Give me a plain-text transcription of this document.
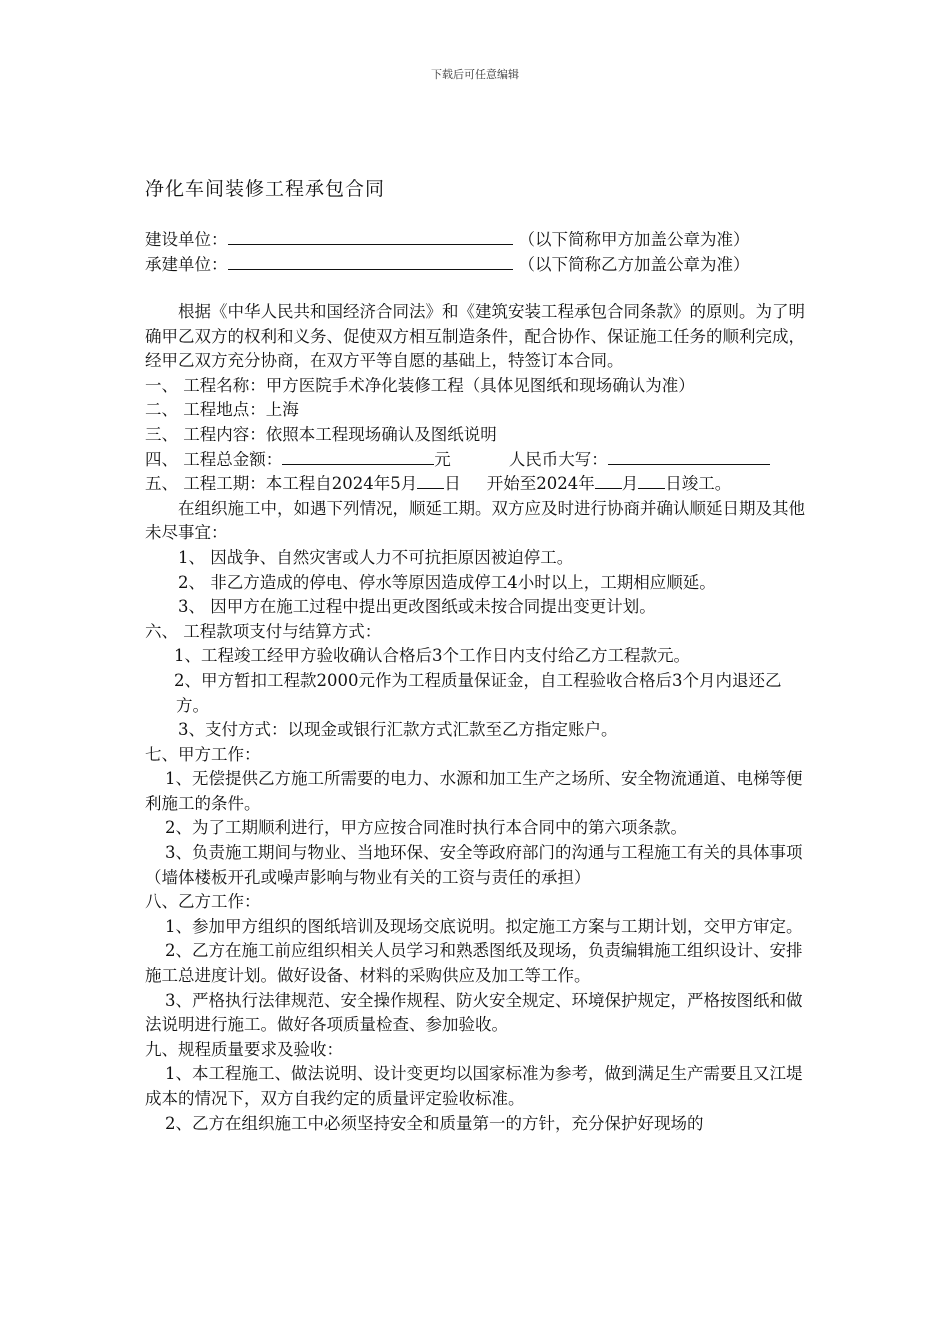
下载后可任意编辑
净化车间装修工程承包合同
建设单位：	（以下简称甲方加盖公章为准）
承建单位：	（以下简称乙方加盖公章为准）

根据《中华人民共和国经济合同法》和《建筑安装工程承包合同条款》的原则。为了明确甲乙双方的权利和义务、促使双方相互制造条件，配合协作、保证施工任务的顺利完成，经甲乙双方充分协商，在双方平等自愿的基础上，特签订本合同。

一、 工程名称：甲方医院手术净化装修工程（具体见图纸和现场确认为准）

二、 工程地点：上海

三、 工程内容：依照本工程现场确认及图纸说明

四、 工程总金额：	元	人民币大写：

五、 工程工期：本工程自2024年5月 日 开始至2024年 月 日竣工。

在组织施工中，如遇下列情况，顺延工期。双方应及时进行协商并确认顺延日期及其他未尽事宜：

1、 因战争、自然灾害或人力不可抗拒原因被迫停工。

2、 非乙方造成的停电、停水等原因造成停工4小时以上，工期相应顺延。

3、 因甲方在施工过程中提出更改图纸或未按合同提出变更计划。

六、 工程款项支付与结算方式：

1、工程竣工经甲方验收确认合格后3个工作日内支付给乙方工程款元。

2、甲方暂扣工程款2000元作为工程质量保证金，自工程验收合格后3个月内退还乙方。

3、支付方式：以现金或银行汇款方式汇款至乙方指定账户。

七、甲方工作：

1、无偿提供乙方施工所需要的电力、水源和加工生产之场所、安全物流通道、电梯等便利施工的条件。

2、为了工期顺利进行，甲方应按合同准时执行本合同中的第六项条款。

3、负责施工期间与物业、当地环保、安全等政府部门的沟通与工程施工有关的具体事项（墙体楼板开孔或噪声影响与物业有关的工资与责任的承担）

八、乙方工作：

1、参加甲方组织的图纸培训及现场交底说明。拟定施工方案与工期计划，交甲方审定。

2、乙方在施工前应组织相关人员学习和熟悉图纸及现场，负责编辑施工组织设计、安排施工总进度计划。做好设备、材料的采购供应及加工等工作。

3、严格执行法律规范、安全操作规程、防火安全规定、环境保护规定，严格按图纸和做法说明进行施工。做好各项质量检查、参加验收。

九、规程质量要求及验收：

1、本工程施工、做法说明、设计变更均以国家标准为参考，做到满足生产需要且又江堤成本的情况下，双方自我约定的质量评定验收标准。

2、乙方在组织施工中必须坚持安全和质量第一的方针，充分保护好现场的
